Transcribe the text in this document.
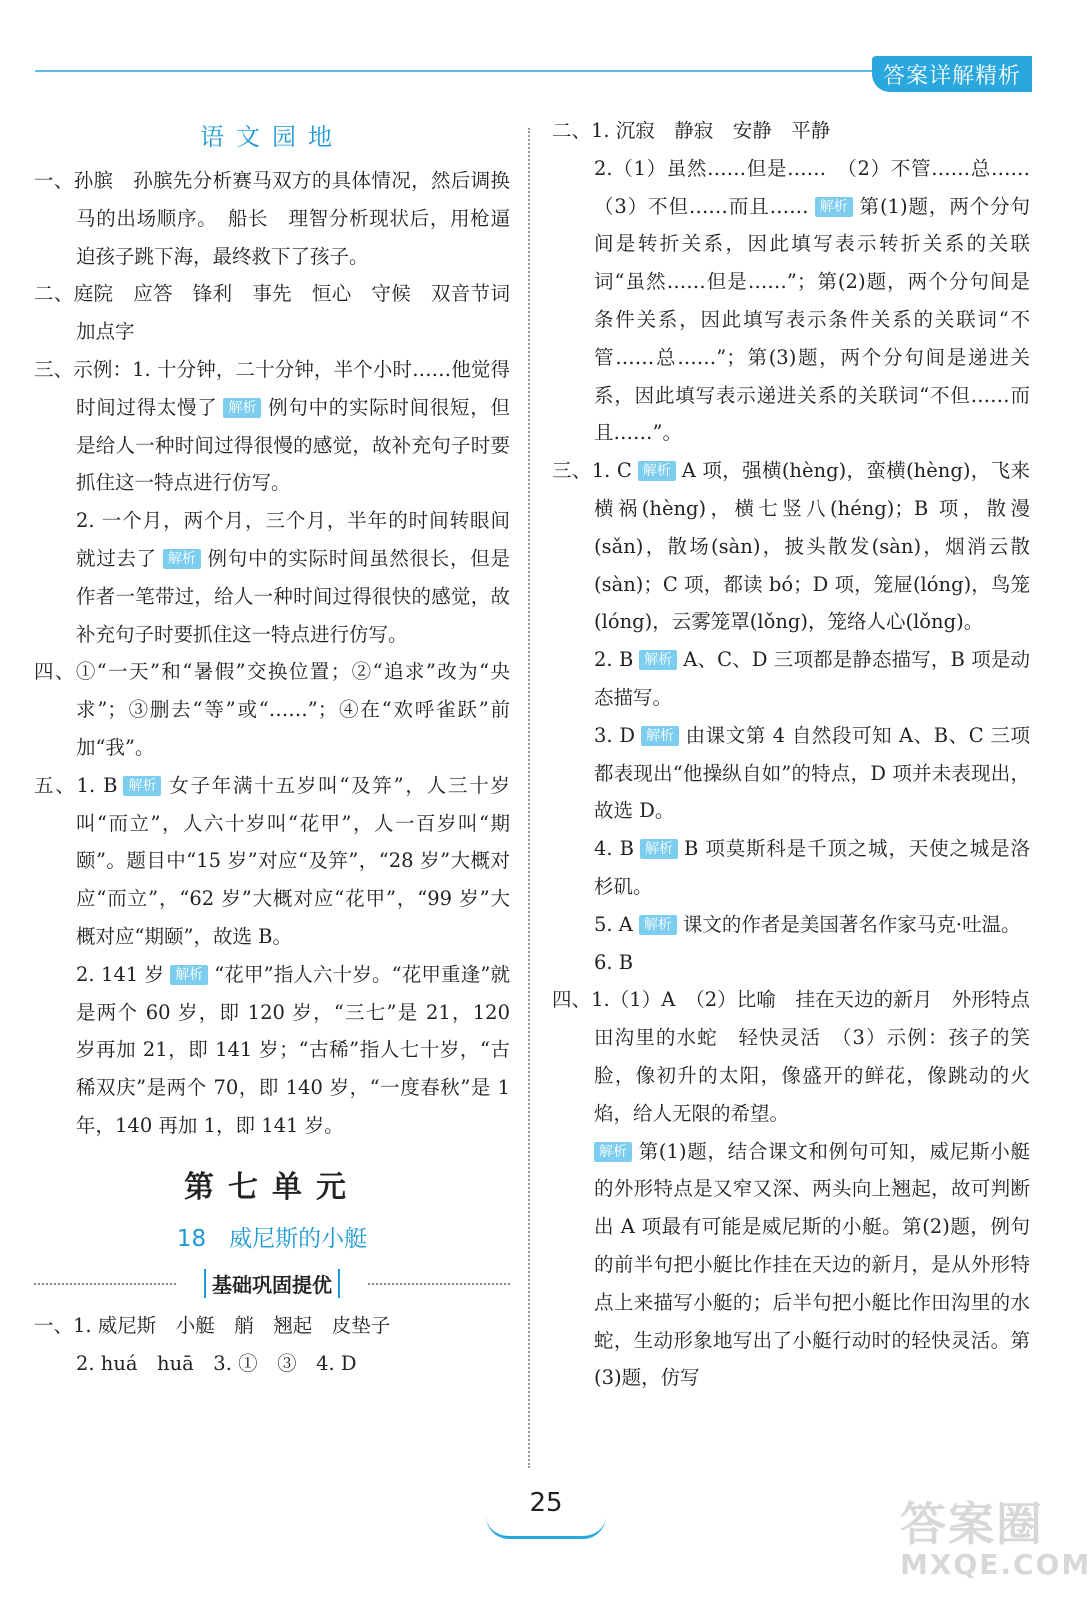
答案详解精析
语文园地
一、孙膑　孙膑先分析赛马双方的具体情况，然后调换马的出场顺序。　船长　理智分析现状后，用枪逼迫孩子跳下海，最终救下了孩子。
二、庭院　应答　锋利　事先　恒心　守候　双音节词　加点字
三、示例：1. 十分钟，二十分钟，半个小时……他觉得时间过得太慢了 解析 例句中的实际时间很短，但是给人一种时间过得很慢的感觉，故补充句子时要抓住这一特点进行仿写。
2. 一个月，两个月，三个月，半年的时间转眼间就过去了 解析 例句中的实际时间虽然很长，但是作者一笔带过，给人一种时间过得很快的感觉，故补充句子时要抓住这一特点进行仿写。
四、①“一天”和“暑假”交换位置；②“追求”改为“央求”；③删去“等”或“……”；④在“欢呼雀跃”前加“我”。
五、1. B 解析 女子年满十五岁叫“及笄”，人三十岁叫“而立”，人六十岁叫“花甲”，人一百岁叫“期颐”。题目中“15 岁”对应“及笄”，“28 岁”大概对应“而立”，“62 岁”大概对应“花甲”，“99 岁”大概对应“期颐”，故选 B。
2. 141 岁 解析 “花甲”指人六十岁。“花甲重逢”就是两个 60 岁，即 120 岁，“三七”是 21，120 岁再加 21，即 141 岁；“古稀”指人七十岁，“古稀双庆”是两个 70，即 140 岁，“一度春秋”是 1 年，140 再加 1，即 141 岁。
第七单元
18　威尼斯的小艇
基础巩固提优
一、1. 威尼斯　小艇　艄　翘起　皮垫子
2. huá　huā　3. ①　③　4. D
二、1. 沉寂　静寂　安静　平静
2.（1）虽然……但是……　（2）不管……总……　（3）不但……而且…… 解析 第(1)题，两个分句间是转折关系，因此填写表示转折关系的关联词“虽然……但是……”；第(2)题，两个分句间是条件关系，因此填写表示条件关系的关联词“不管……总……”；第(3)题，两个分句间是递进关系，因此填写表示递进关系的关联词“不但……而且……”。
三、1. C 解析 A 项，强横(hèng)，蛮横(hèng)，飞来横祸(hèng)，横七竖八(héng)；B 项，散漫(sǎn)，散场(sàn)，披头散发(sàn)，烟消云散(sàn)；C 项，都读 bó；D 项，笼屉(lóng)，鸟笼(lóng)，云雾笼罩(lǒng)，笼络人心(lǒng)。
2. B 解析 A、C、D 三项都是静态描写，B 项是动态描写。
3. D 解析 由课文第 4 自然段可知 A、B、C 三项都表现出“他操纵自如”的特点，D 项并未表现出，故选 D。
4. B 解析 B 项莫斯科是千顶之城，天使之城是洛杉矶。
5. A 解析 课文的作者是美国著名作家马克·吐温。
6. B
四、1.（1）A　（2）比喻　挂在天边的新月　外形特点　田沟里的水蛇　轻快灵活　（3）示例：孩子的笑脸，像初升的太阳，像盛开的鲜花，像跳动的火焰，给人无限的希望。
解析 第(1)题，结合课文和例句可知，威尼斯小艇的外形特点是又窄又深、两头向上翘起，故可判断出 A 项最有可能是威尼斯的小艇。第(2)题，例句的前半句把小艇比作挂在天边的新月，是从外形特点上来描写小艇的；后半句把小艇比作田沟里的水蛇，生动形象地写出了小艇行动时的轻快灵活。第(3)题，仿写
25	答案圈
MXQE.COM
